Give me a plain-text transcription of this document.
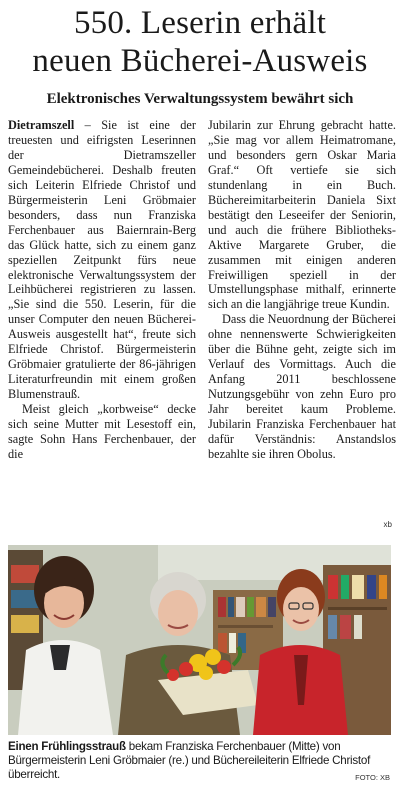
550. Leserin erhält
neuen Bücherei-Ausweis
Elektronisches Verwaltungssystem bewährt sich

Dietramszell – Sie ist eine der treuesten und eifrigsten Leserinnen der Dietramszeller Gemeindebücherei. Deshalb freuten sich Leiterin Elfriede Christof und Bürgermeisterin Leni Gröbmaier besonders, dass nun Franziska Ferchenbauer aus Baiernrain-Berg das Glück hatte, sich zu einem ganz speziellen Zeitpunkt fürs neue elektronische Verwaltungssystem der Leihbücherei registrieren zu lassen. „Sie sind die 550. Leserin, für die unser Computer den neuen Bücherei-Ausweis ausgestellt hat“, freute sich Elfriede Christof. Bürgermeisterin Gröbmaier gratulierte der 86-jährigen Literaturfreundin mit einem großen Blumenstrauß.

Meist gleich „korbweise“ decke sich seine Mutter mit Lesestoff ein, sagte Sohn Hans Ferchenbauer, der die

Jubilarin zur Ehrung gebracht hatte. „Sie mag vor allem Heimatromane, und besonders gern Oskar Maria Graf.“ Oft vertiefe sie sich stundenlang in ein Buch. Büchereimitarbeiterin Daniela Sixt bestätigt den Leseeifer der Seniorin, und auch die frühere Bibliotheks-Aktive Margarete Gruber, die zusammen mit einigen anderen Freiwilligen speziell in der Umstellungsphase mithalf, erinnerte sich an die langjährige treue Kundin.

Dass die Neuordnung der Bücherei ohne nennenswerte Schwierigkeiten über die Bühne geht, zeigte sich im Verlauf des Vormittags. Auch die Anfang 2011 beschlossene Nutzungsgebühr von zehn Euro pro Jahr bereitet kaum Probleme. Jubilarin Franziska Ferchenbauer hat dafür Verständnis: Anstandslos bezahlte sie ihren Obolus.

xb
Einen Frühlingsstrauß bekam Franziska Ferchenbauer (Mitte) von Bürgermeisterin Leni Gröbmaier (re.) und Büchereileiterin Elfriede Christof überreicht.	FOTO: XB
